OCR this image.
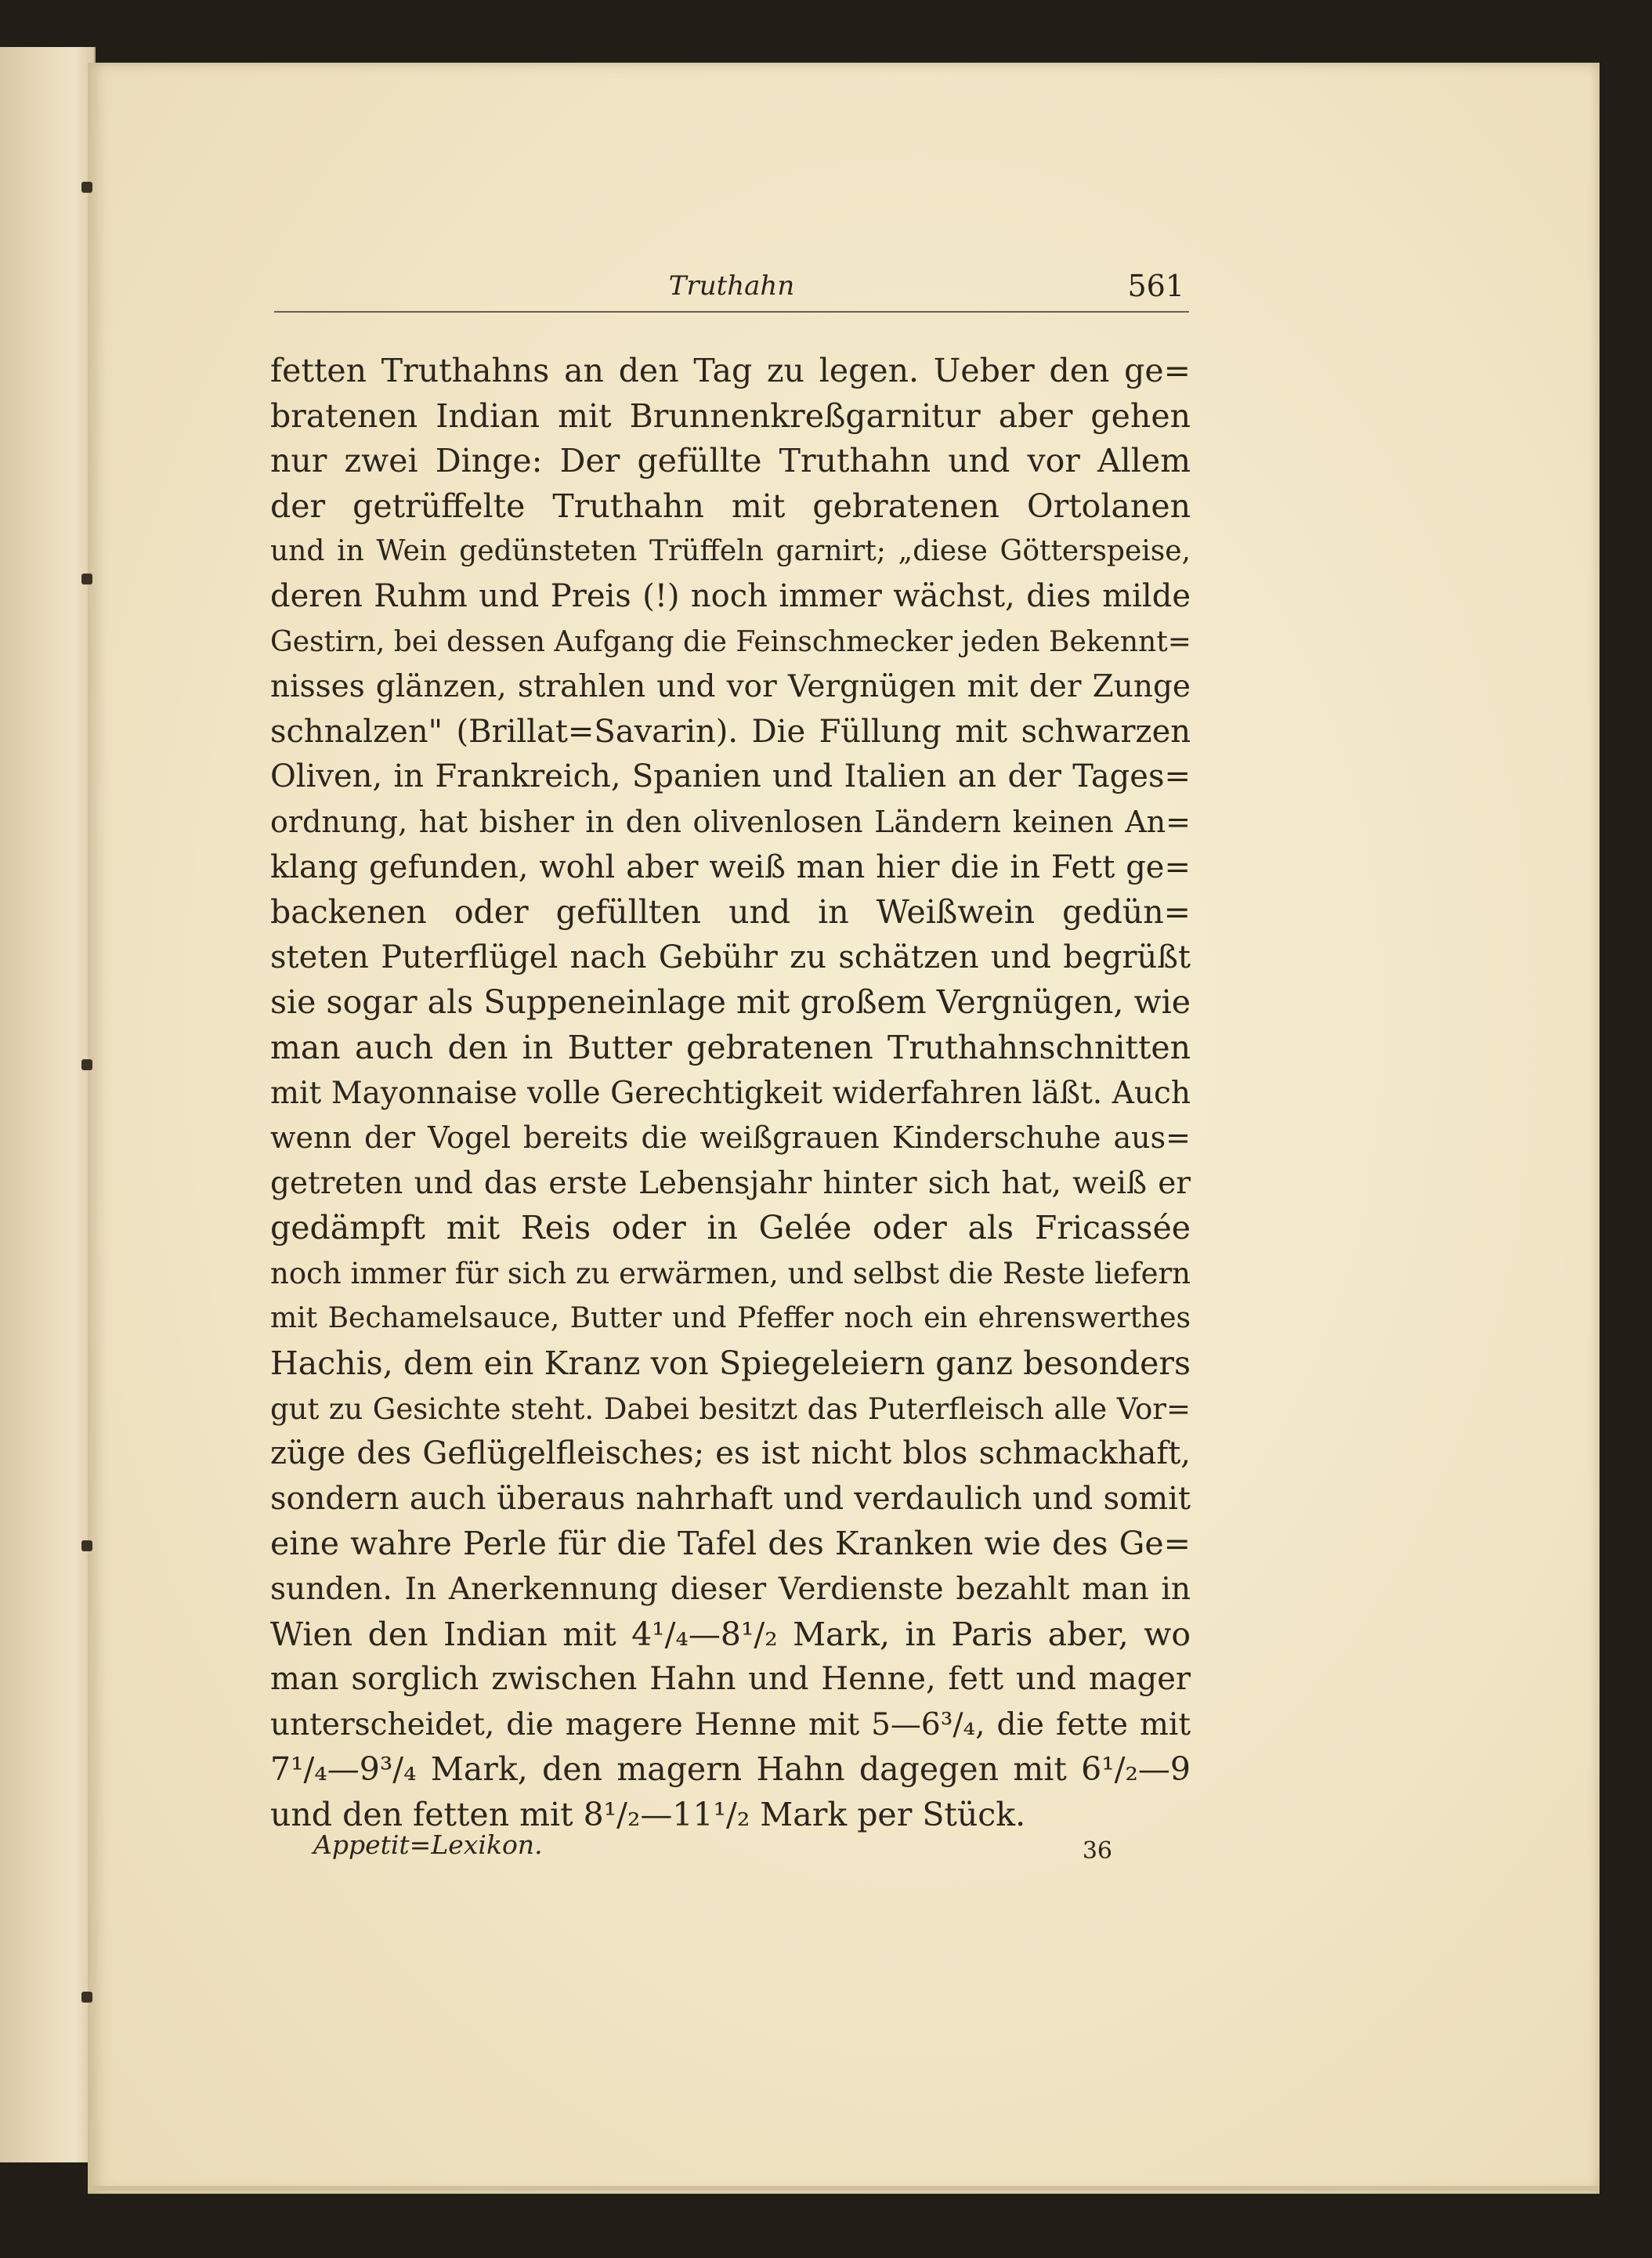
Truthahn	561
fetten Truthahns an den Tag zu legen. Ueber den ge=
bratenen Indian mit Brunnenkreßgarnitur aber gehen
nur zwei Dinge: Der gefüllte Truthahn und vor Allem
der getrüffelte Truthahn mit gebratenen Ortolanen
und in Wein gedünsteten Trüffeln garnirt; „diese Götterspeise,
deren Ruhm und Preis (!) noch immer wächst, dies milde
Gestirn, bei dessen Aufgang die Feinschmecker jeden Bekennt=
nisses glänzen, strahlen und vor Vergnügen mit der Zunge
schnalzen" (Brillat=Savarin). Die Füllung mit schwarzen
Oliven, in Frankreich, Spanien und Italien an der Tages=
ordnung, hat bisher in den olivenlosen Ländern keinen An=
klang gefunden, wohl aber weiß man hier die in Fett ge=
backenen oder gefüllten und in Weißwein gedün=
steten Puterflügel nach Gebühr zu schätzen und begrüßt
sie sogar als Suppeneinlage mit großem Vergnügen, wie
man auch den in Butter gebratenen Truthahnschnitten
mit Mayonnaise volle Gerechtigkeit widerfahren läßt. Auch
wenn der Vogel bereits die weißgrauen Kinderschuhe aus=
getreten und das erste Lebensjahr hinter sich hat, weiß er
gedämpft mit Reis oder in Gelée oder als Fricassée
noch immer für sich zu erwärmen, und selbst die Reste liefern
mit Bechamelsauce, Butter und Pfeffer noch ein ehrenswerthes
Hachis, dem ein Kranz von Spiegeleiern ganz besonders
gut zu Gesichte steht. Dabei besitzt das Puterfleisch alle Vor=
züge des Geflügelfleisches; es ist nicht blos schmackhaft,
sondern auch überaus nahrhaft und verdaulich und somit
eine wahre Perle für die Tafel des Kranken wie des Ge=
sunden. In Anerkennung dieser Verdienste bezahlt man in
Wien den Indian mit 4¹/₄—8¹/₂ Mark, in Paris aber, wo
man sorglich zwischen Hahn und Henne, fett und mager
unterscheidet, die magere Henne mit 5—6³/₄, die fette mit
7¹/₄—9³/₄ Mark, den magern Hahn dagegen mit 6¹/₂—9
und den fetten mit 8¹/₂—11¹/₂ Mark per Stück.
Appetit=Lexikon.	36
